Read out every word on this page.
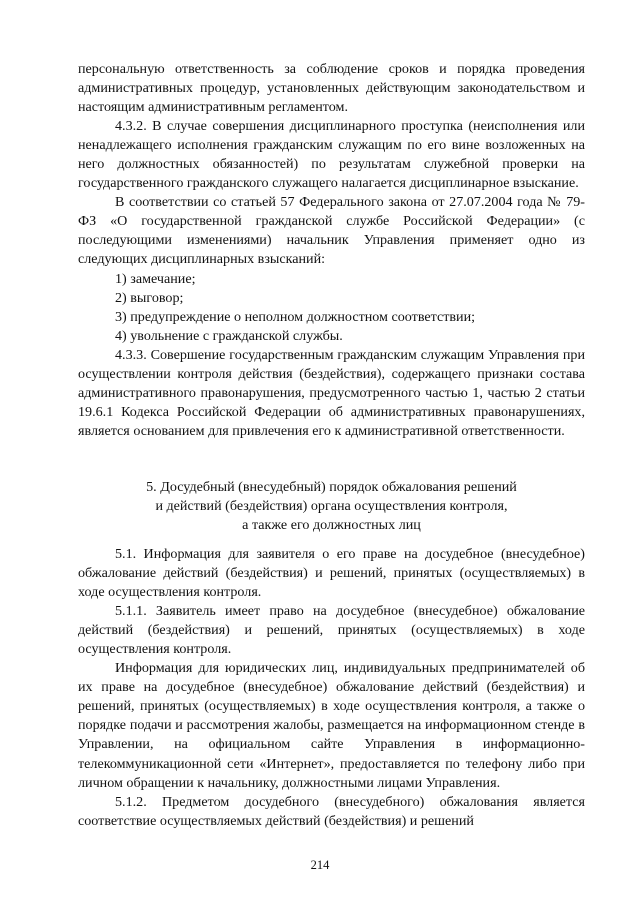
персональную ответственность за соблюдение сроков и порядка проведения административных процедур, установленных действующим законодательством и настоящим административным регламентом.

4.3.2. В случае совершения дисциплинарного проступка (неисполнения или ненадлежащего исполнения гражданским служащим по его вине возложенных на него должностных обязанностей) по результатам служебной проверки на государственного гражданского служащего налагается дисциплинарное взыскание.

В соответствии со статьей 57 Федерального закона от 27.07.2004 года № 79-ФЗ «О государственной гражданской службе Российской Федерации» (с последующими изменениями) начальник Управления применяет одно из следующих дисциплинарных взысканий:

1) замечание;

2) выговор;

3) предупреждение о неполном должностном соответствии;

4) увольнение с гражданской службы.

4.3.3. Совершение государственным гражданским служащим Управления при осуществлении контроля действия (бездействия), содержащего признаки состава административного правонарушения, предусмотренного частью 1, частью 2 статьи 19.6.1 Кодекса Российской Федерации об административных правонарушениях, является основанием для привлечения его к административной ответственности.

5. Досудебный (внесудебный) порядок обжалования решений
и действий (бездействия) органа осуществления контроля,
а также его должностных лиц

5.1. Информация для заявителя о его праве на досудебное (внесудебное) обжалование действий (бездействия) и решений, принятых (осуществляемых) в ходе осуществления контроля.

5.1.1. Заявитель имеет право на досудебное (внесудебное) обжалование действий (бездействия) и решений, принятых (осуществляемых) в ходе осуществления контроля.

Информация для юридических лиц, индивидуальных предпринимателей об их праве на досудебное (внесудебное) обжалование действий (бездействия) и решений, принятых (осуществляемых) в ходе осуществления контроля, а также о порядке подачи и рассмотрения жалобы, размещается на информационном стенде в Управлении, на официальном сайте Управления в информационно-телекоммуникационной сети «Интернет», предоставляется по телефону либо при личном обращении к начальнику, должностными лицами Управления.

5.1.2. Предметом досудебного (внесудебного) обжалования является соответствие осуществляемых действий (бездействия) и решений

214
